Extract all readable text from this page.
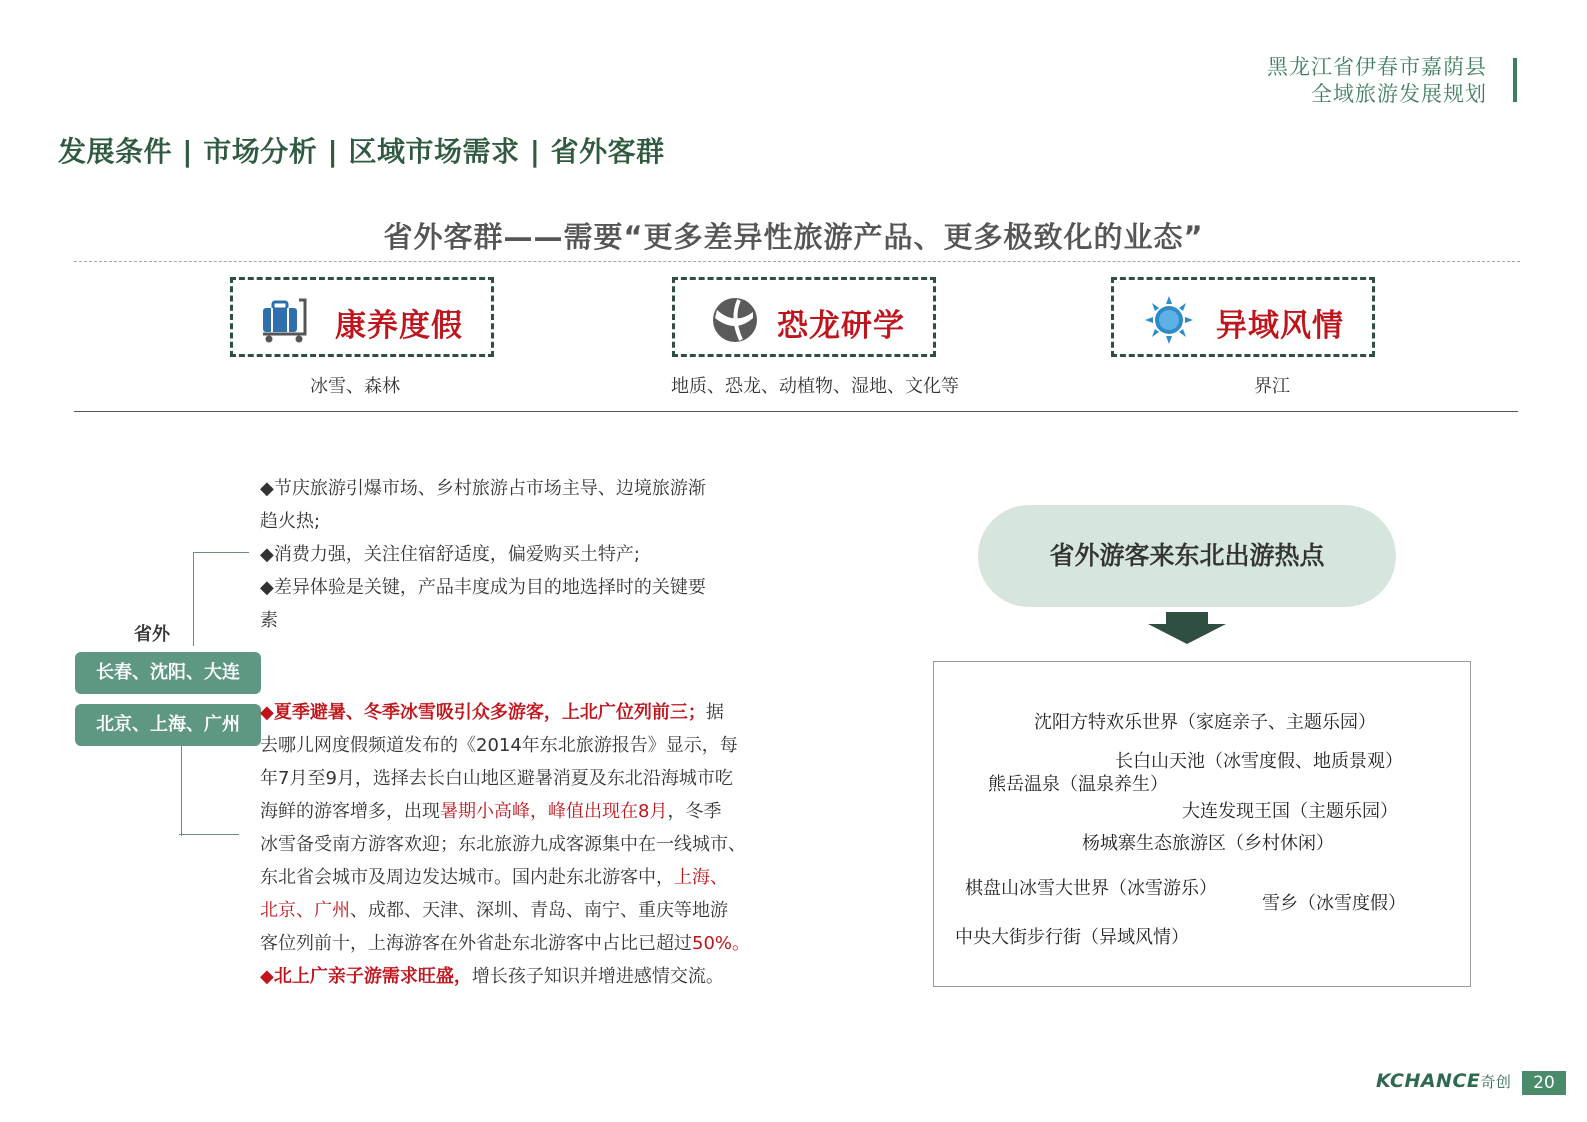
黑龙江省伊春市嘉荫县
全域旅游发展规划
发展条件 | 市场分析 | 区域市场需求 | 省外客群
省外客群——需要“更多差异性旅游产品、更多极致化的业态”
康养度假
冰雪、森林
恐龙研学
地质、恐龙、动植物、湿地、文化等
异域风情
界江
省外
长春、沈阳、大连
北京、上海、广州
◆节庆旅游引爆市场、乡村旅游占市场主导、边境旅游渐
趋火热;
◆消费力强，关注住宿舒适度，偏爱购买土特产;
◆差异体验是关键，产品丰度成为目的地选择时的关键要
素
◆夏季避暑、冬季冰雪吸引众多游客，上北广位列前三；据
去哪儿网度假频道发布的《2014年东北旅游报告》显示，每
年7月至9月，选择去长白山地区避暑消夏及东北沿海城市吃
海鲜的游客增多，出现暑期小高峰，峰值出现在8月，冬季
冰雪备受南方游客欢迎；东北旅游九成客源集中在一线城市、
东北省会城市及周边发达城市。国内赴东北游客中，上海、
北京、广州、成都、天津、深圳、青岛、南宁、重庆等地游
客位列前十，上海游客在外省赴东北游客中占比已超过50%。
◆北上广亲子游需求旺盛，增长孩子知识并增进感情交流。
省外游客来东北出游热点
沈阳方特欢乐世界（家庭亲子、主题乐园）
长白山天池（冰雪度假、地质景观）
熊岳温泉（温泉养生）
大连发现王国（主题乐园）
杨城寨生态旅游区（乡村休闲）
棋盘山冰雪大世界（冰雪游乐）
雪乡（冰雪度假）
中央大街步行街（异域风情）
KCHANCE奇创	20
